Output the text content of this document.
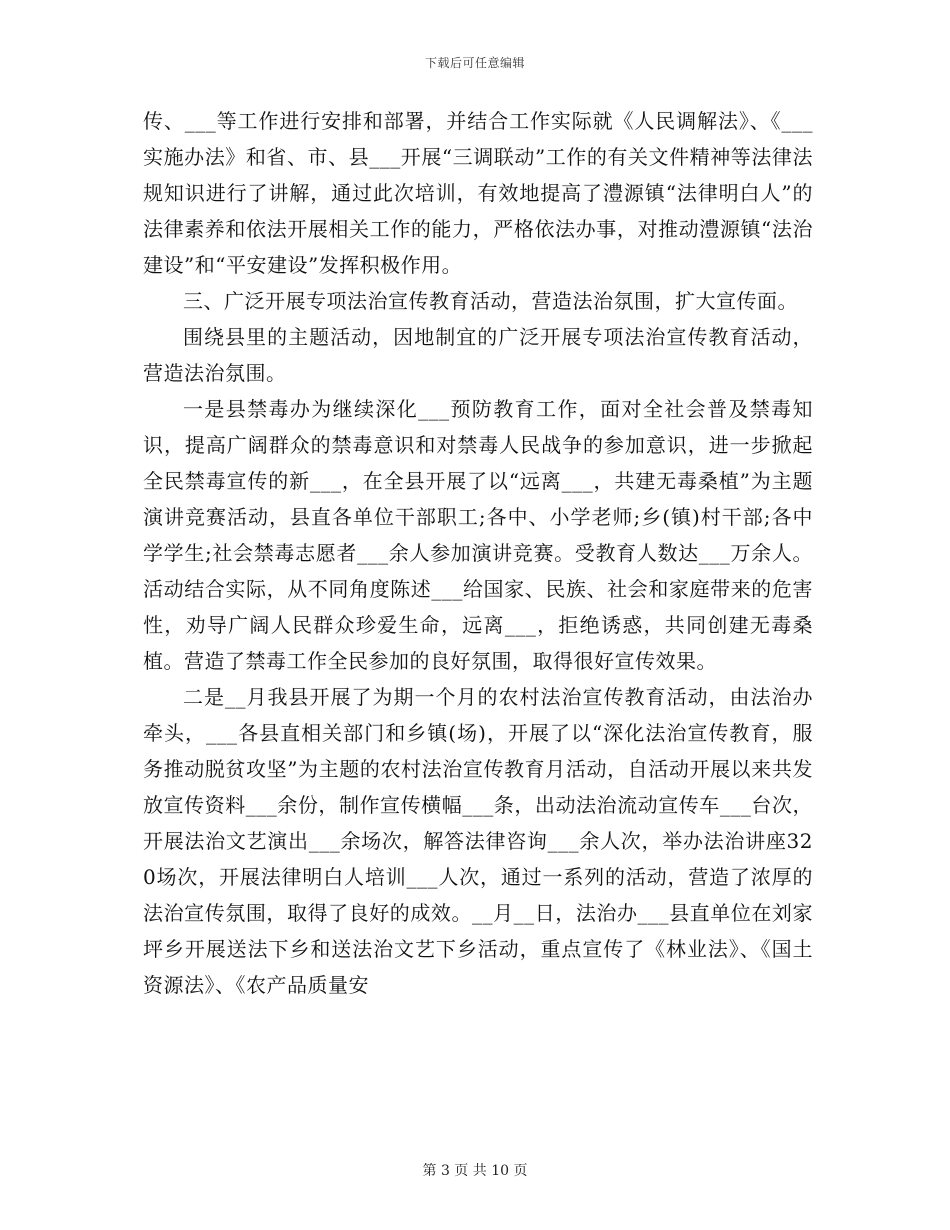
下载后可任意编辑

传、___等工作进行安排和部署，并结合工作实际就《人民调解法》、《___实施办法》和省、市、县___开展“三调联动”工作的有关文件精神等法律法规知识进行了讲解，通过此次培训，有效地提高了澧源镇“法律明白人”的法律素养和依法开展相关工作的能力，严格依法办事，对推动澧源镇“法治建设”和“平安建设”发挥积极作用。

三、广泛开展专项法治宣传教育活动，营造法治氛围，扩大宣传面。

围绕县里的主题活动，因地制宜的广泛开展专项法治宣传教育活动，营造法治氛围。

一是县禁毒办为继续深化___预防教育工作，面对全社会普及禁毒知识，提高广阔群众的禁毒意识和对禁毒人民战争的参加意识，进一步掀起全民禁毒宣传的新___，在全县开展了以“远离___，共建无毒桑植”为主题演讲竞赛活动，县直各单位干部职工;各中、小学老师;乡(镇)村干部;各中学学生;社会禁毒志愿者___余人参加演讲竞赛。受教育人数达___万余人。活动结合实际，从不同角度陈述___给国家、民族、社会和家庭带来的危害性，劝导广阔人民群众珍爱生命，远离___，拒绝诱惑，共同创建无毒桑植。营造了禁毒工作全民参加的良好氛围，取得很好宣传效果。

二是__月我县开展了为期一个月的农村法治宣传教育活动，由法治办牵头，___各县直相关部门和乡镇(场)，开展了以“深化法治宣传教育，服务推动脱贫攻坚”为主题的农村法治宣传教育月活动，自活动开展以来共发放宣传资料___余份，制作宣传横幅___条，出动法治流动宣传车___台次，开展法治文艺演出___余场次，解答法律咨询___余人次，举办法治讲座320场次，开展法律明白人培训___人次，通过一系列的活动，营造了浓厚的法治宣传氛围，取得了良好的成效。__月__日，法治办___县直单位在刘家坪乡开展送法下乡和送法治文艺下乡活动，重点宣传了《林业法》、《国土资源法》、《农产品质量安

第 3 页 共 10 页
